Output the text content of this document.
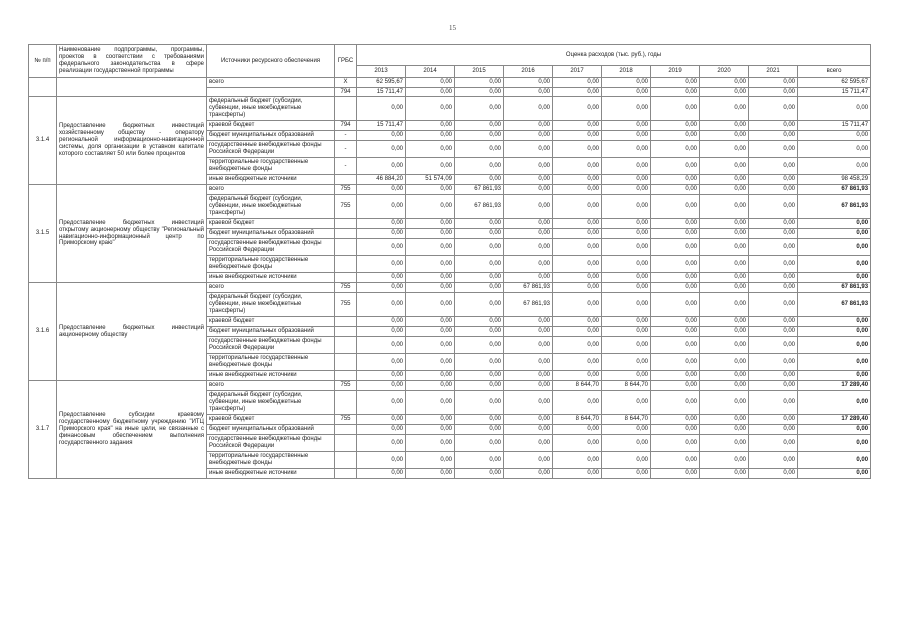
15
№ п/п	Наименование подпрограммы, программы, проектов в соответствии с требованиями федерального законодательства в сфере реализации государственной программы	Источники ресурсного обеспечения	ГРБС	Оценка расходов (тыс. руб.), годы									
				2013	2014	2015	2016	2017	2018	2019	2020	2021	всего
		всего	X	62 595,67	0,00	0,00	0,00	0,00	0,00	0,00	0,00	0,00	62 595,67
			794	15 711,47	0,00	0,00	0,00	0,00	0,00	0,00	0,00	0,00	15 711,47
3.1.4	Предоставление бюджетных инвестиций хозяйственному обществу - оператору региональной информационно-навигационной системы, доля организации в уставном капитале которого составляет 50 или более процентов	федеральный бюджет (субсидии, субвенции, иные межбюджетные трансферты)		0,00	0,00	0,00	0,00	0,00	0,00	0,00	0,00	0,00	0,00
		краевой бюджет	794	15 711,47	0,00	0,00	0,00	0,00	0,00	0,00	0,00	0,00	15 711,47
		бюджет муниципальных образований	-	0,00	0,00	0,00	0,00	0,00	0,00	0,00	0,00	0,00	0,00
		государственные внебюджетные фонды Российской Федерации	-	0,00	0,00	0,00	0,00	0,00	0,00	0,00	0,00	0,00	0,00
		территориальные государственные внебюджетные фонды	-	0,00	0,00	0,00	0,00	0,00	0,00	0,00	0,00	0,00	0,00
		иные внебюджетные источники		46 884,20	51 574,09	0,00	0,00	0,00	0,00	0,00	0,00	0,00	98 458,29
3.1.5	Предоставление бюджетных инвестиций открытому акционерному обществу "Региональный навигационно-информационный центр по Приморскому краю"	всего	755	0,00	0,00	67 861,93	0,00	0,00	0,00	0,00	0,00	0,00	67 861,93
		федеральный бюджет (субсидии, субвенции, иные межбюджетные трансферты)	755	0,00	0,00	67 861,93	0,00	0,00	0,00	0,00	0,00	0,00	67 861,93
		краевой бюджет		0,00	0,00	0,00	0,00	0,00	0,00	0,00	0,00	0,00	0,00
		бюджет муниципальных образований		0,00	0,00	0,00	0,00	0,00	0,00	0,00	0,00	0,00	0,00
		государственные внебюджетные фонды Российской Федерации		0,00	0,00	0,00	0,00	0,00	0,00	0,00	0,00	0,00	0,00
		территориальные государственные внебюджетные фонды		0,00	0,00	0,00	0,00	0,00	0,00	0,00	0,00	0,00	0,00
		иные внебюджетные источники		0,00	0,00	0,00	0,00	0,00	0,00	0,00	0,00	0,00	0,00
3.1.6	Предоставление бюджетных инвестиций акционерному обществу	всего	755	0,00	0,00	0,00	67 861,93	0,00	0,00	0,00	0,00	0,00	67 861,93
		федеральный бюджет (субсидии, субвенции, иные межбюджетные трансферты)	755	0,00	0,00	0,00	67 861,93	0,00	0,00	0,00	0,00	0,00	67 861,93
		краевой бюджет		0,00	0,00	0,00	0,00	0,00	0,00	0,00	0,00	0,00	0,00
		бюджет муниципальных образований		0,00	0,00	0,00	0,00	0,00	0,00	0,00	0,00	0,00	0,00
		государственные внебюджетные фонды Российской Федерации		0,00	0,00	0,00	0,00	0,00	0,00	0,00	0,00	0,00	0,00
		территориальные государственные внебюджетные фонды		0,00	0,00	0,00	0,00	0,00	0,00	0,00	0,00	0,00	0,00
		иные внебюджетные источники		0,00	0,00	0,00	0,00	0,00	0,00	0,00	0,00	0,00	0,00
3.1.7	Предоставление субсидии краевому государственному бюджетному учреждению "ИТЦ Приморского края" на иные цели, не связанные с финансовым обеспечением выполнения государственного задания	всего	755	0,00	0,00	0,00	0,00	8 644,70	8 644,70	0,00	0,00	0,00	17 289,40
		федеральный бюджет (субсидии, субвенции, иные межбюджетные трансферты)		0,00	0,00	0,00	0,00	0,00	0,00	0,00	0,00	0,00	0,00
		краевой бюджет	755	0,00	0,00	0,00	0,00	8 644,70	8 644,70	0,00	0,00	0,00	17 289,40
		бюджет муниципальных образований		0,00	0,00	0,00	0,00	0,00	0,00	0,00	0,00	0,00	0,00
		государственные внебюджетные фонды Российской Федерации		0,00	0,00	0,00	0,00	0,00	0,00	0,00	0,00	0,00	0,00
		территориальные государственные внебюджетные фонды		0,00	0,00	0,00	0,00	0,00	0,00	0,00	0,00	0,00	0,00
		иные внебюджетные источники		0,00	0,00	0,00	0,00	0,00	0,00	0,00	0,00	0,00	0,00
